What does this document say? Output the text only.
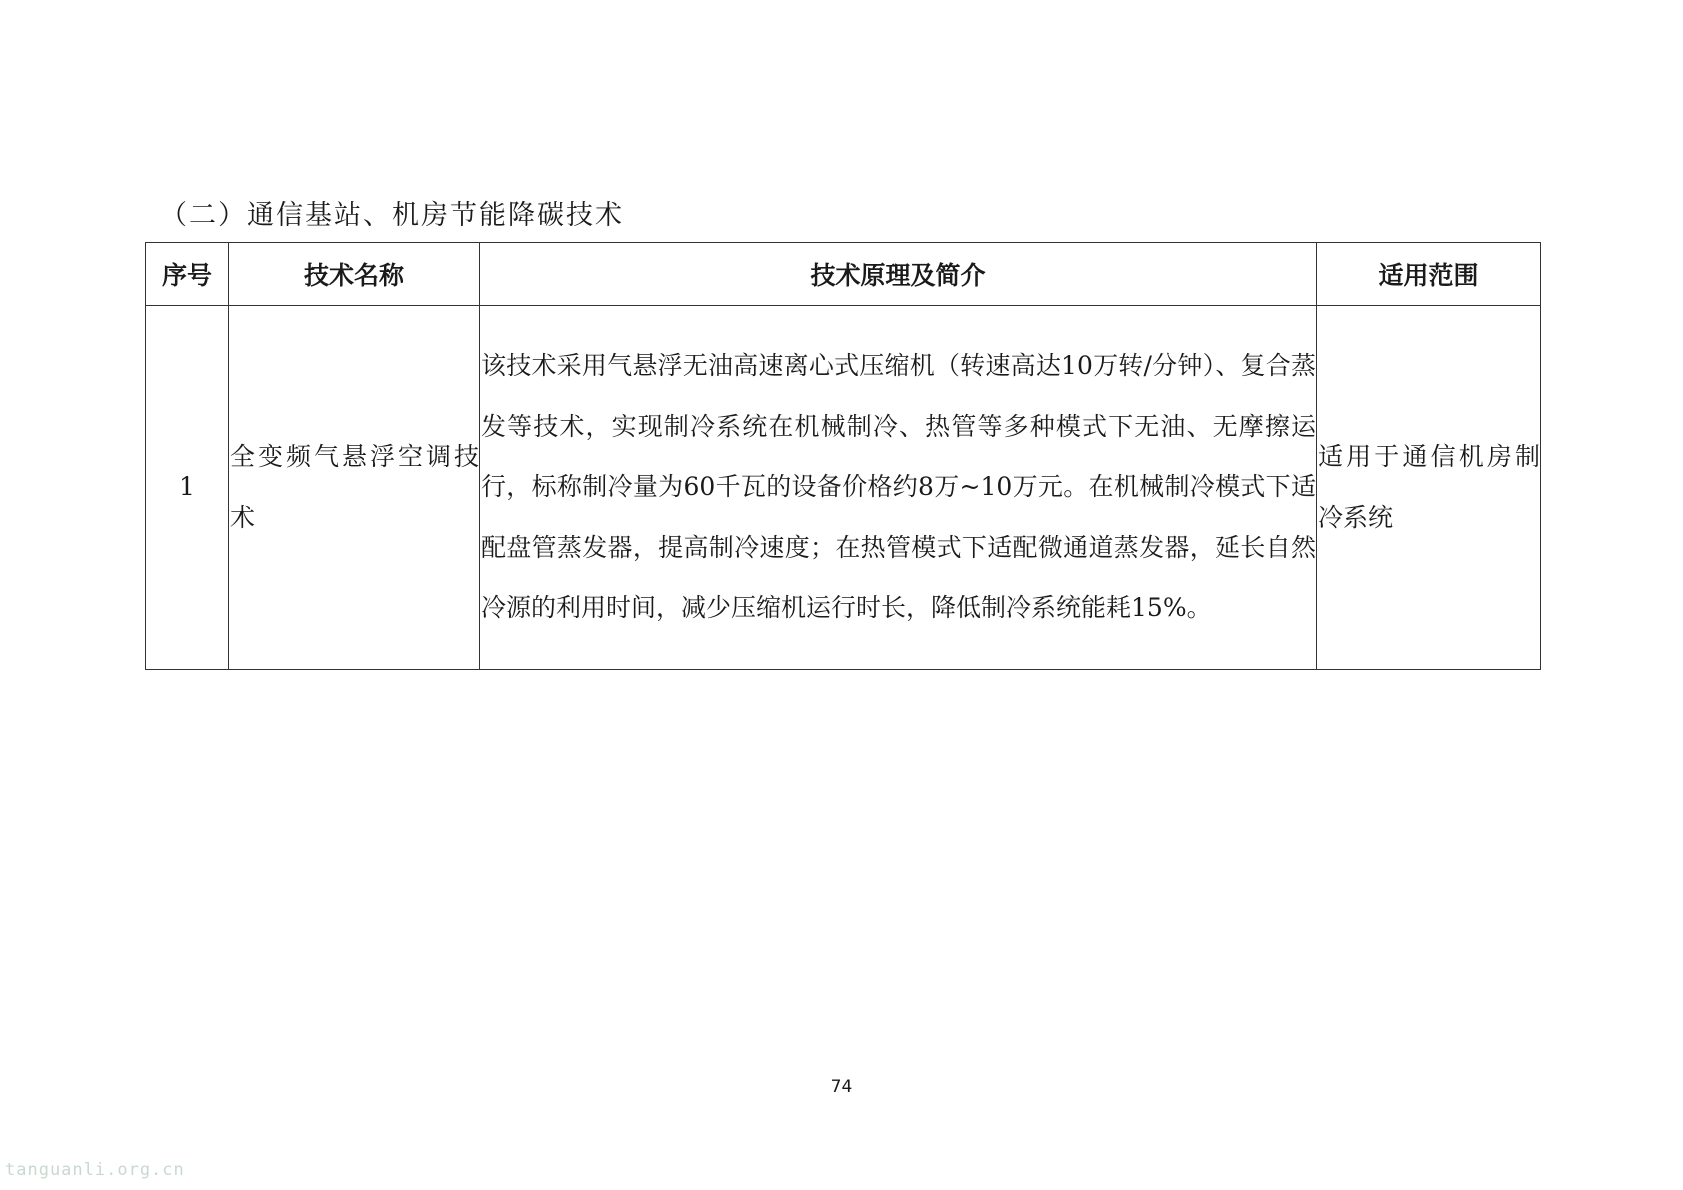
（二）通信基站、机房节能降碳技术
序号	技术名称	技术原理及简介	适用范围
1	全变频气悬浮空调技术	该技术采用气悬浮无油高速离心式压缩机（转速高达10万转/分钟）、复合蒸发等技术，实现制冷系统在机械制冷、热管等多种模式下无油、无摩擦运行，标称制冷量为60千瓦的设备价格约8万~10万元。在机械制冷模式下适配盘管蒸发器，提高制冷速度；在热管模式下适配微通道蒸发器，延长自然冷源的利用时间，减少压缩机运行时长，降低制冷系统能耗15%。	适用于通信机房制冷系统
74
tanguanli.org.cn
